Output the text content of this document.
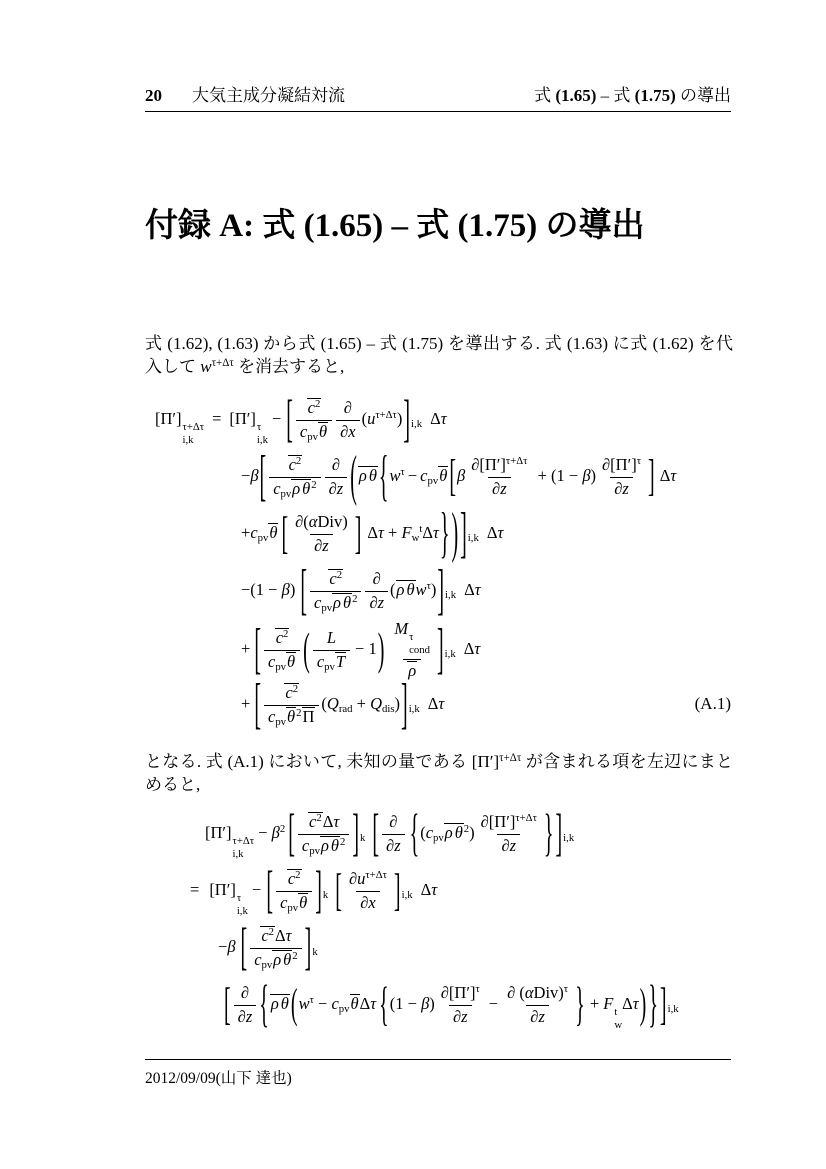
20 大気主成分凝結対流	式 (1.65) – 式 (1.75) の導出
付録 A: 式 (1.65) – 式 (1.75) の導出

式 (1.62), (1.63) から式 (1.65) – 式 (1.75) を導出する. 式 (1.63) に式 (1.62) を代入して $w^{\tau+\Delta\tau}$ を消去すると,

[Π′] τ+Δτ
i,k
= [Π′] τ
i,k
− [ $\frac{c^2}{\text{cpvθ}} \frac{\partial}{\partial x} (u^{\tau+\Delta\tau})]i,k$ Δτ
$-\beta[ \frac{c^2}{cpv\rho \theta^2} \frac{\partial}{\partial z}$ ( ρ θ {$w^\tau - cpv\theta$ [$\beta \frac{\partial[\Pi']^{\tau+\Delta\tau}}{\partial z} + (1 - \beta) \frac{\partial[\Pi']^\tau}{\partial z}$ ] Δτ
+cpvθ [ $\frac{\text{∂(αDiv)}}{\partial z}$ ] $\Delta\tau + Fw^t\Delta\tau$} ) ]i,k Δτ
−(1 − β) [ $\frac{c^2}{cpv\rho \theta^2} \frac{\partial}{\partial z} (\rho$ $\theta w^\tau)]i,k$ Δτ
+ [ $\frac{c^2}{\text{cpvθ}}$ ( $\frac{L}{\text{cpvT}} - 1$) M τ
cond
ρ ]i,k Δτ
+ [ $\frac{c^2}{cpv\theta^2\Pi}$ (Qrad + Qdis)]i,k Δτ	(A.1)

となる. 式 (A.1) において, 未知の量である $[\Pi']^{\tau+\Delta\tau}$ が含まれる項を左辺にまとめると,

[Π′] τ+Δτ
i,k
− $\beta^2$ [ $\frac{c^2\Delta\tau}{cpv\rho \theta^2} ]k$ [ $\frac{\partial}{\partial z} \{(cpv\rho$ $\theta^2) \frac{\partial[\Pi']^{\tau+\Delta\tau}}{\partial z}$ } ]i,k
= [Π′] τ
i,k
− [ $\frac{c^2}{\text{cpvθ}} ]k$ [ $\frac{\partial u^{\tau+\Delta\tau}}{\partial x} ]i,k$ Δτ
−β [ $\frac{c^2\Delta\tau}{cpv\rho \theta^2} ]k$
[ $\frac{\partial}{\partial z}$ { ρ θ ($w^\tau - cpv\theta\Delta\tau$ {$(1 - \beta) \frac{\partial[\Pi']^\tau}{\partial z} - \frac{\partial (\alpha Div)^\tau}{\partial z}$ } + F t
w
Δτ) } ]i,k
2012/09/09(山下 達也)
